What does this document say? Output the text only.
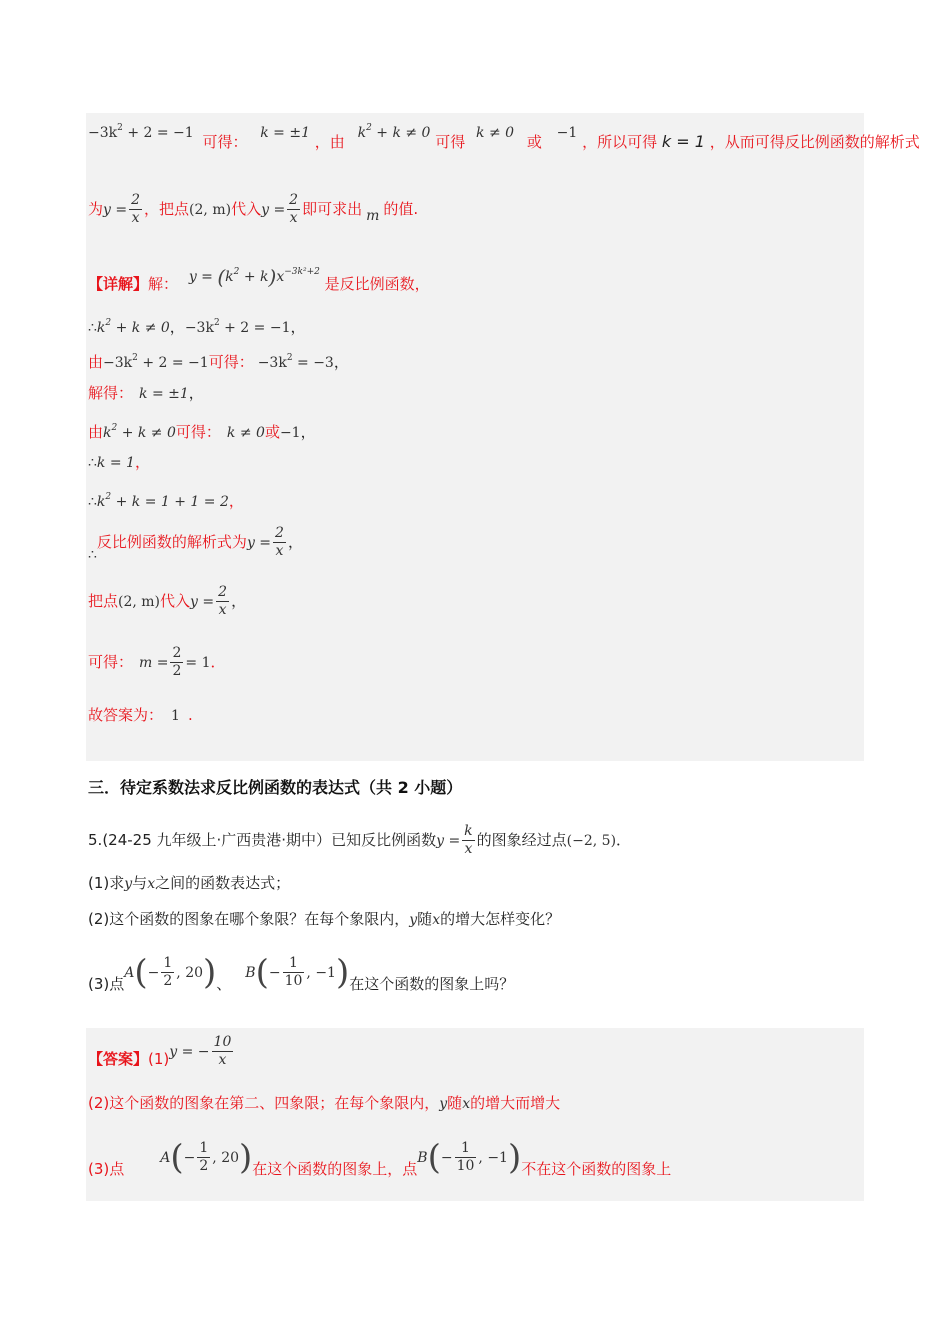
$-3k^2 + 2 = -1$ 可得： k = ±1 ，由 $k^2 + k \ne 0$ 可得 k ≠ 0 或 −1 ，所以可得 k = 1 ，从而可得反比例函数的解析式
为$y = \frac{2}{x}$ ，把点(2, m)代入$y = \frac{2}{x}$ 即可求出 m 的值.
【详解】解： $y = (k^2 + k)x^{-3k^2+2}$ 是反比例函数，
$\therefore k^2 + k \ne 0$，$-3k^2 + 2 = -1$，
由$-3k^2 + 2 = -1$可得： $-3k^2 = -3$，
解得： k = ±1，
由$k^2 + k \ne 0$可得： k ≠ 0或−1，
∴k = 1，
$\therefore k^2 + k = 1 + 1 = 2$，
∴反比例函数的解析式为$y = \frac{2}{x}$ ，
把点(2, m)代入$y = \frac{2}{x}$ ，
可得： $m = \frac{2}{2} = 1$．
故答案为： 1 .
三．待定系数法求反比例函数的表达式（共 2 小题）
5.(24-25 九年级上·广西贵港·期中）已知反比例函数$y = \frac{k}{x}$ 的图象经过点(−2, 5)．
(1)求y与x之间的函数表达式；
(2)这个函数的图象在哪个象限？在每个象限内，y随x的增大怎样变化？
(3)点$A(- \frac{1}{2}$ , 20)、$B(- \frac{1}{10}$ , −1)在这个函数的图象上吗？
【答案】(1)y = − $\frac{10}{x}$
(2)这个函数的图象在第二、四象限；在每个象限内，y随x的增大而增大
(3)点$A(- \frac{1}{2}$ , 20)在这个函数的图象上，点$B(- \frac{1}{10}$ , −1)不在这个函数的图象上
